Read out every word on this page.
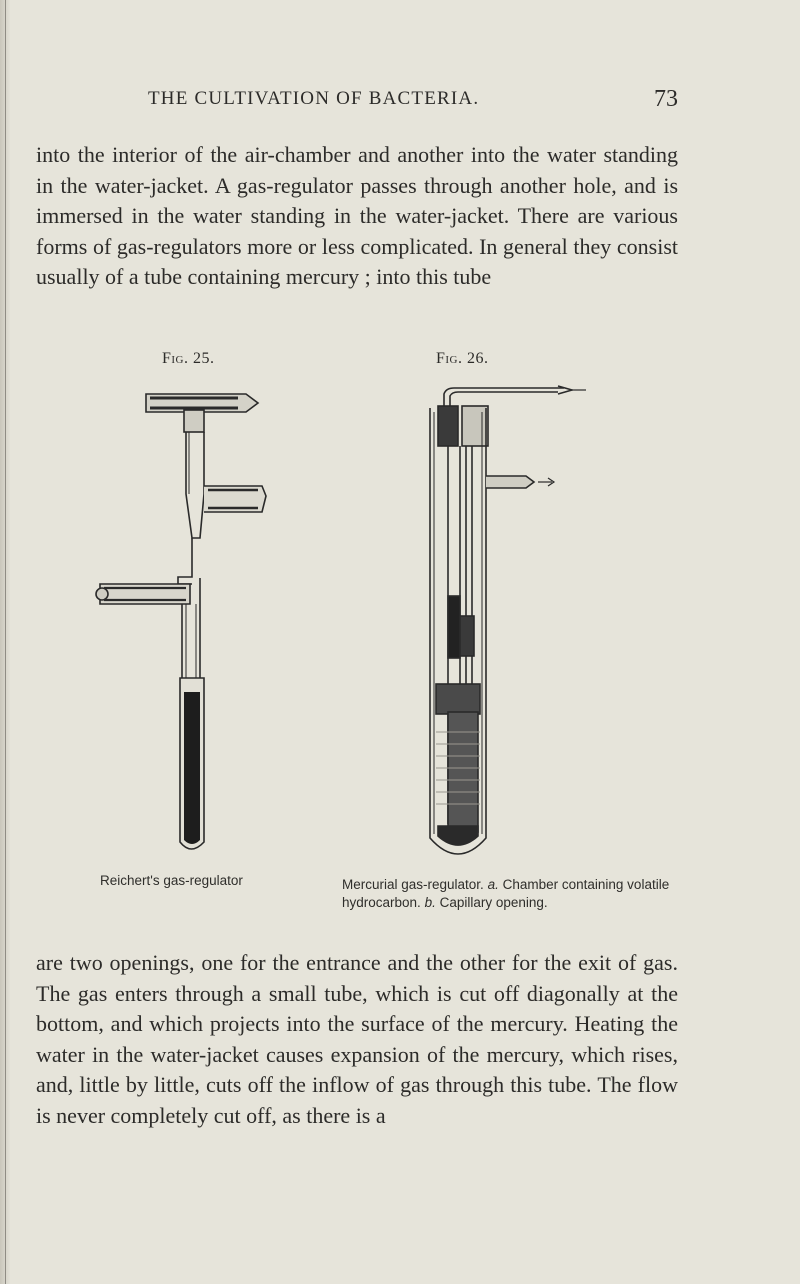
THE CULTIVATION OF BACTERIA.	73
into the interior of the air-chamber and another into the water standing in the water-jacket. A gas-regulator passes through another hole, and is immersed in the water standing in the water-jacket. There are various forms of gas-regulators more or less complicated. In general they consist usually of a tube containing mercury ; into this tube
Fig. 25.	Fig. 26.
Reichert's gas-regulator	Mercurial gas-regulator. a. Chamber containing volatile hydrocarbon. b. Capillary opening.
are two openings, one for the entrance and the other for the exit of gas. The gas enters through a small tube, which is cut off diagonally at the bottom, and which projects into the surface of the mercury. Heating the water in the water-jacket causes expansion of the mercury, which rises, and, little by little, cuts off the inflow of gas through this tube. The flow is never completely cut off, as there is a
